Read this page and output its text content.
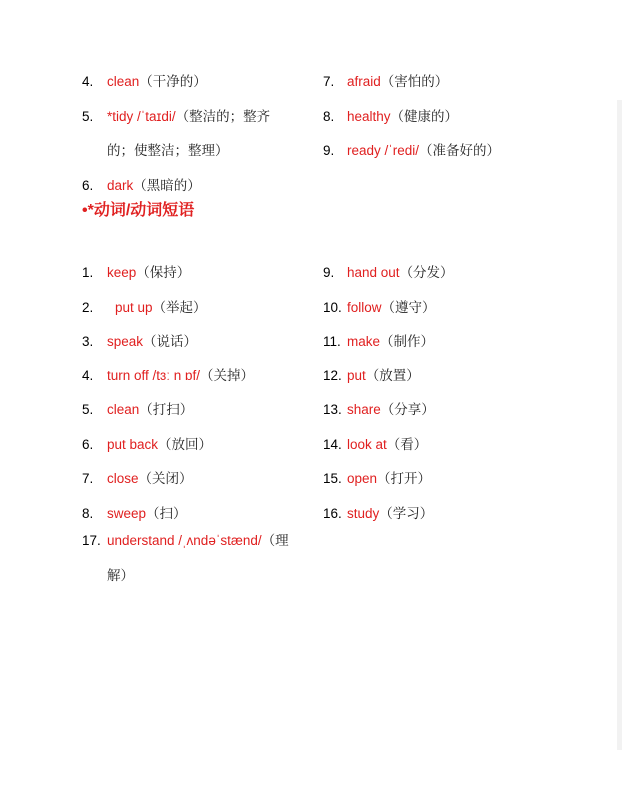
4. clean（干净的）
5. *tidy /ˈtaɪdi/（整洁的；整齐
的；使整洁；整理）
6. dark（黑暗的）
7. afraid（害怕的）
8. healthy（健康的）
9. ready /ˈredi/（准备好的）
•*动词/动词短语
1. keep（保持）
2. put up（举起）
3. speak（说话）
4. turn off /tɜː n ɒf/（关掉）
5. clean（打扫）
6. put back（放回）
7. close（关闭）
8. sweep（扫）
17. understand /ˌʌndəˈstænd/（理
解）
9. hand out（分发）
10. follow（遵守）
11. make（制作）
12. put（放置）
13. share（分享）
14. look at（看）
15. open（打开）
16. study（学习）
